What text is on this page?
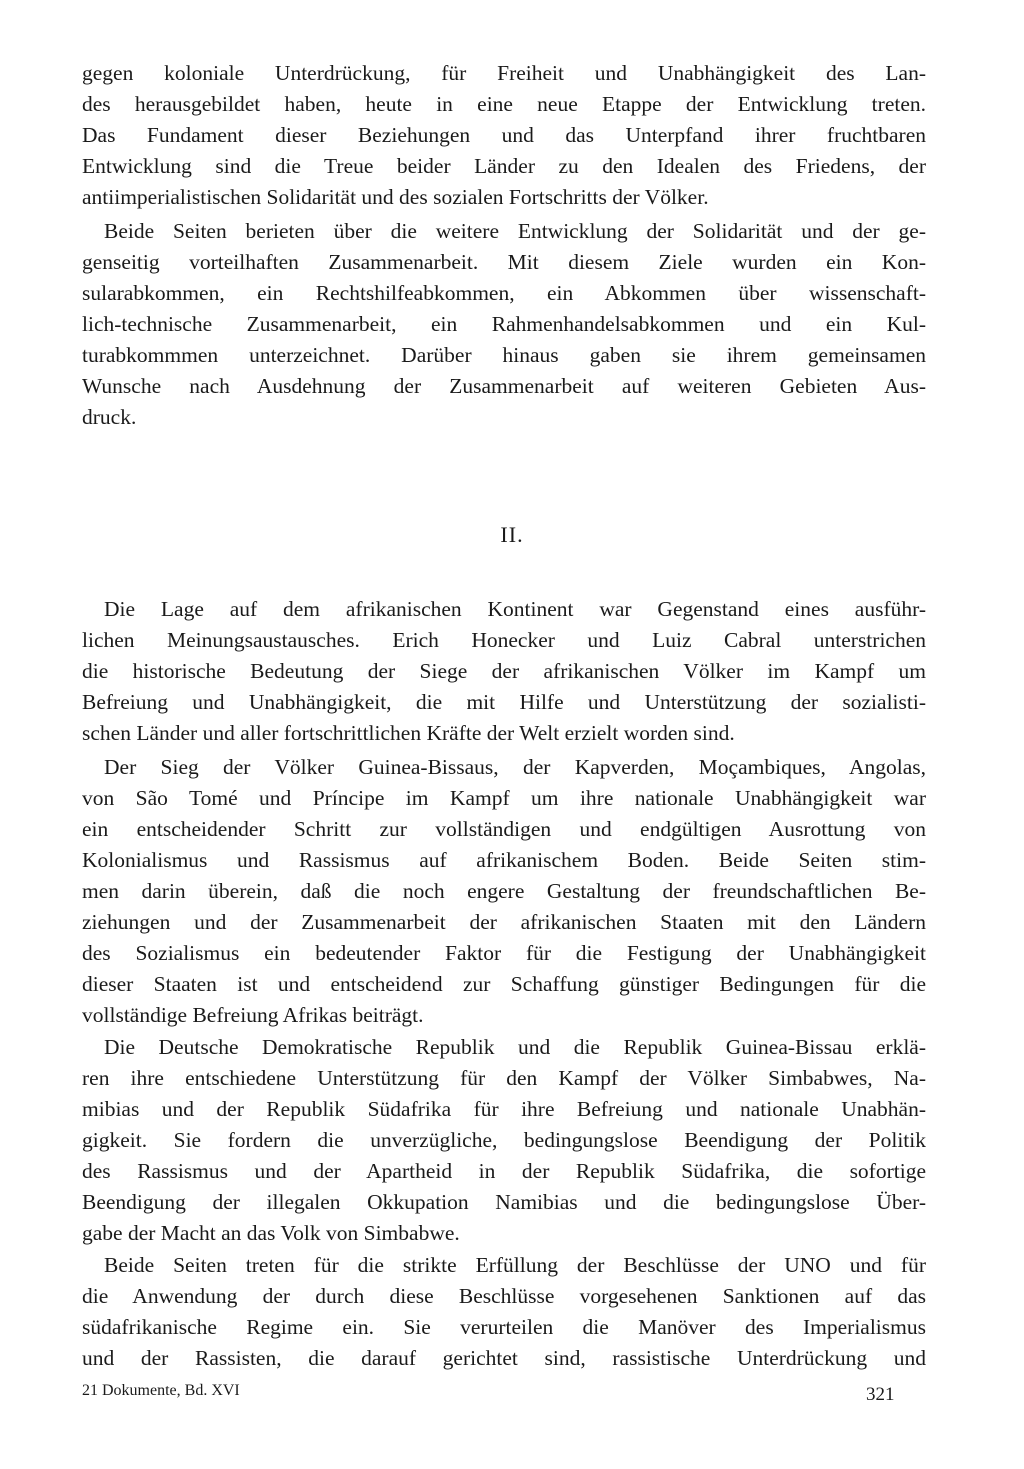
gegen koloniale Unterdrückung, für Freiheit und Unabhängigkeit des Lan-
des herausgebildet haben, heute in eine neue Etappe der Entwicklung treten.
Das Fundament dieser Beziehungen und das Unterpfand ihrer fruchtbaren
Entwicklung sind die Treue beider Länder zu den Idealen des Friedens, der
antiimperialistischen Solidarität und des sozialen Fortschritts der Völker.
Beide Seiten berieten über die weitere Entwicklung der Solidarität und der ge-
genseitig vorteilhaften Zusammenarbeit. Mit diesem Ziele wurden ein Kon-
sularabkommen, ein Rechtshilfeabkommen, ein Abkommen über wissenschaft-
lich-technische Zusammenarbeit, ein Rahmenhandelsabkommen und ein Kul-
turabkommmen unterzeichnet. Darüber hinaus gaben sie ihrem gemeinsamen
Wunsche nach Ausdehnung der Zusammenarbeit auf weiteren Gebieten Aus-
druck.
II.
Die Lage auf dem afrikanischen Kontinent war Gegenstand eines ausführ-
lichen Meinungsaustausches. Erich Honecker und Luiz Cabral unterstrichen
die historische Bedeutung der Siege der afrikanischen Völker im Kampf um
Befreiung und Unabhängigkeit, die mit Hilfe und Unterstützung der sozialisti-
schen Länder und aller fortschrittlichen Kräfte der Welt erzielt worden sind.
Der Sieg der Völker Guinea-Bissaus, der Kapverden, Moçambiques, Angolas,
von São Tomé und Príncipe im Kampf um ihre nationale Unabhängigkeit war
ein entscheidender Schritt zur vollständigen und endgültigen Ausrottung von
Kolonialismus und Rassismus auf afrikanischem Boden. Beide Seiten stim-
men darin überein, daß die noch engere Gestaltung der freundschaftlichen Be-
ziehungen und der Zusammenarbeit der afrikanischen Staaten mit den Ländern
des Sozialismus ein bedeutender Faktor für die Festigung der Unabhängigkeit
dieser Staaten ist und entscheidend zur Schaffung günstiger Bedingungen für die
vollständige Befreiung Afrikas beiträgt.
Die Deutsche Demokratische Republik und die Republik Guinea-Bissau erklä-
ren ihre entschiedene Unterstützung für den Kampf der Völker Simbabwes, Na-
mibias und der Republik Südafrika für ihre Befreiung und nationale Unabhän-
gigkeit. Sie fordern die unverzügliche, bedingungslose Beendigung der Politik
des Rassismus und der Apartheid in der Republik Südafrika, die sofortige
Beendigung der illegalen Okkupation Namibias und die bedingungslose Über-
gabe der Macht an das Volk von Simbabwe.
Beide Seiten treten für die strikte Erfüllung der Beschlüsse der UNO und für
die Anwendung der durch diese Beschlüsse vorgesehenen Sanktionen auf das
südafrikanische Regime ein. Sie verurteilen die Manöver des Imperialismus
und der Rassisten, die darauf gerichtet sind, rassistische Unterdrückung und
21 Dokumente, Bd. XVI	321
